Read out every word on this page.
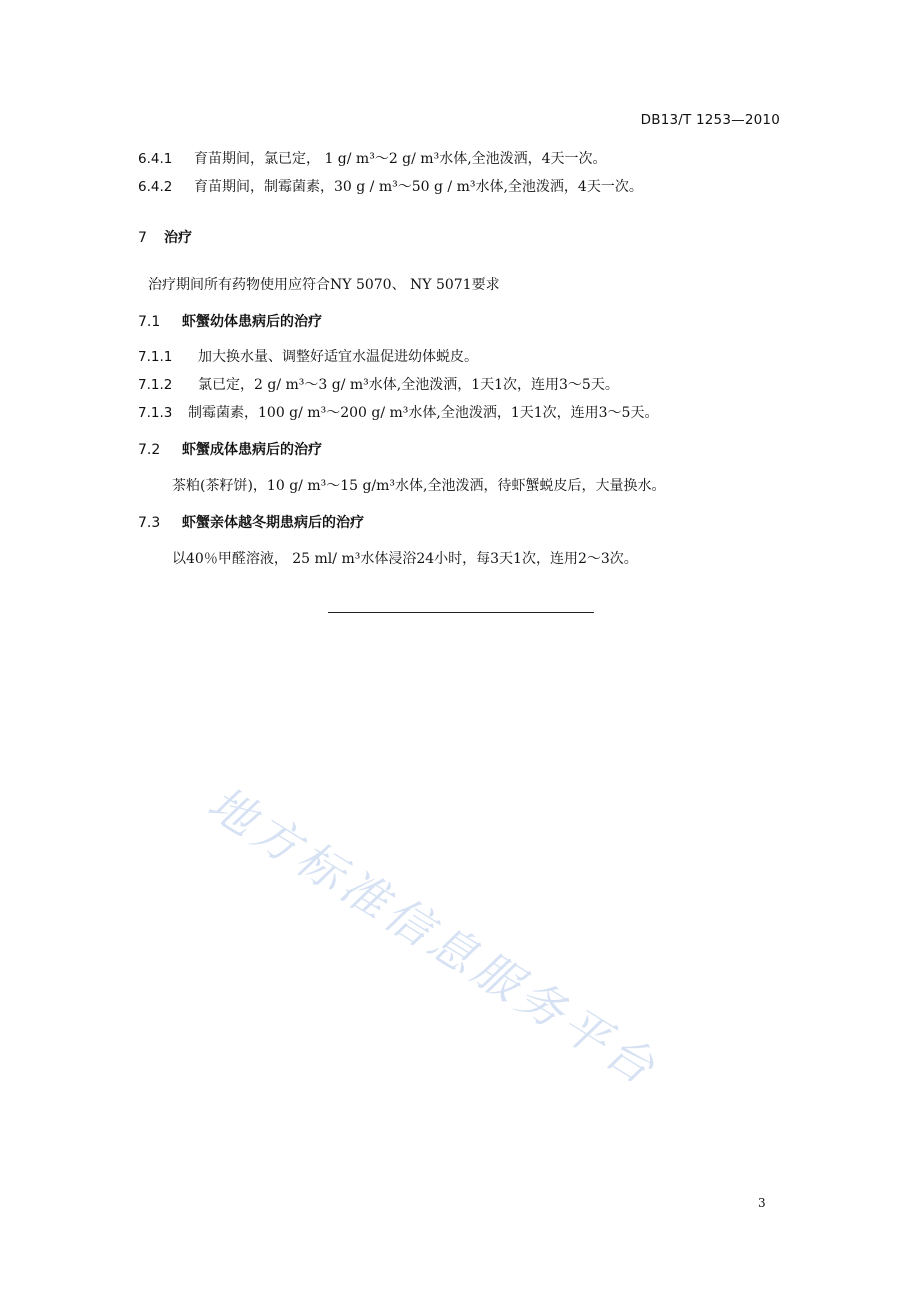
DB13/T 1253—2010
6.4.1 育苗期间，氯已定， 1 g/ m³～2 g/ m³水体,全池泼洒，4天一次。
6.4.2 育苗期间，制霉菌素，30 g / m³～50 g / m³水体,全池泼洒，4天一次。
7 治疗
治疗期间所有药物使用应符合NY 5070、 NY 5071要求
7.1 虾蟹幼体患病后的治疗
7.1.1 加大换水量、调整好适宜水温促进幼体蜕皮。
7.1.2 氯已定，2 g/ m³～3 g/ m³水体,全池泼洒，1天1次，连用3～5天。
7.1.3 制霉菌素，100 g/ m³～200 g/ m³水体,全池泼洒，1天1次，连用3～5天。
7.2 虾蟹成体患病后的治疗
茶粕(茶籽饼)，10 g/ m³～15 g/m³水体,全池泼洒，待虾蟹蜕皮后，大量换水。
7.3 虾蟹亲体越冬期患病后的治疗
以40％甲醛溶液， 25 ml/ m³水体浸浴24小时，每3天1次，连用2～3次。
地方标准信息服务平台
3
